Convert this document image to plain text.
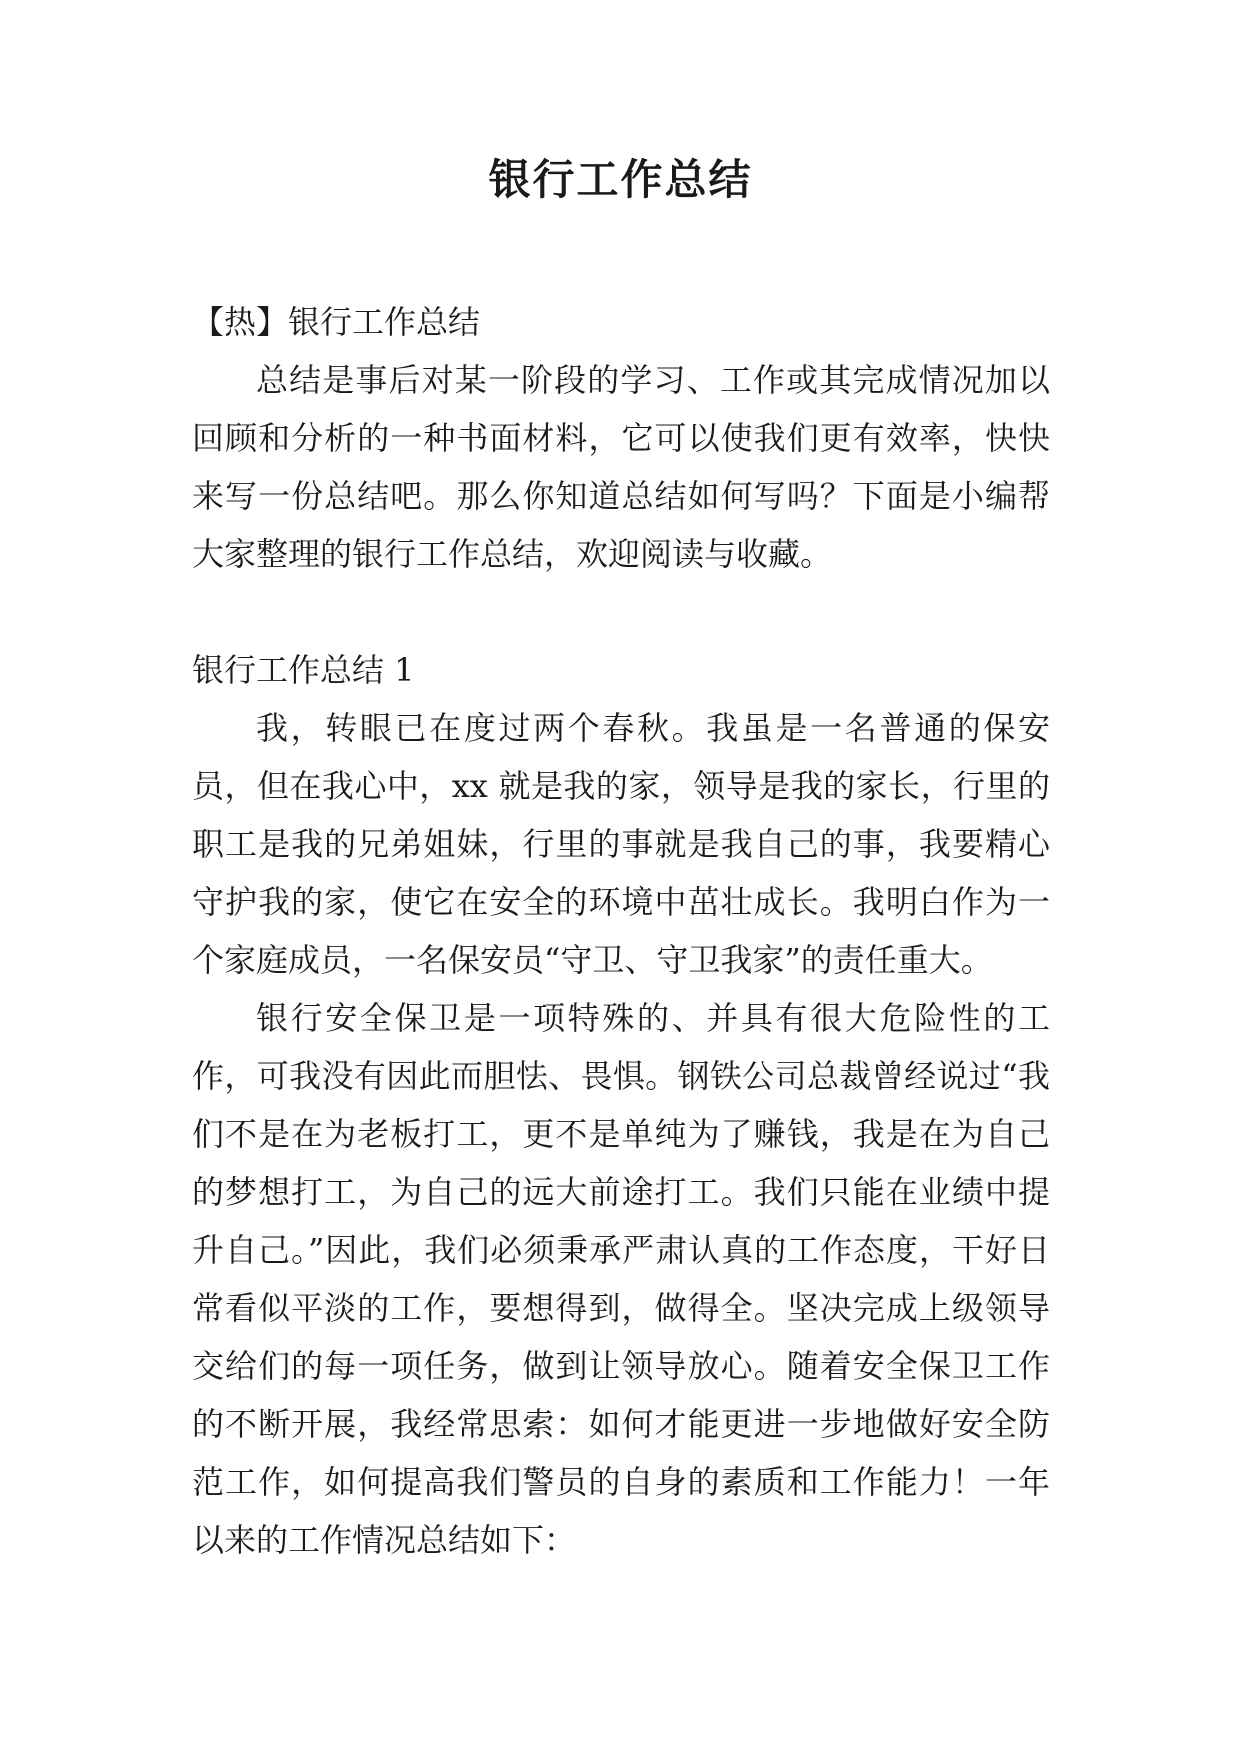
银行工作总结

【热】银行工作总结

总结是事后对某一阶段的学习、工作或其完成情况加以回顾和分析的一种书面材料，它可以使我们更有效率，快快来写一份总结吧。那么你知道总结如何写吗？下面是小编帮大家整理的银行工作总结，欢迎阅读与收藏。

银行工作总结 1

我，转眼已在度过两个春秋。我虽是一名普通的保安员，但在我心中，xx 就是我的家，领导是我的家长，行里的职工是我的兄弟姐妹，行里的事就是我自己的事，我要精心守护我的家，使它在安全的环境中茁壮成长。我明白作为一个家庭成员，一名保安员“守卫、守卫我家”的责任重大。

银行安全保卫是一项特殊的、并具有很大危险性的工作，可我没有因此而胆怯、畏惧。钢铁公司总裁曾经说过“我们不是在为老板打工，更不是单纯为了赚钱，我是在为自己的梦想打工，为自己的远大前途打工。我们只能在业绩中提升自己。”因此，我们必须秉承严肃认真的工作态度，干好日常看似平淡的工作，要想得到，做得全。坚决完成上级领导交给们的每一项任务，做到让领导放心。随着安全保卫工作的不断开展，我经常思索：如何才能更进一步地做好安全防范工作，如何提高我们警员的自身的素质和工作能力！一年以来的工作情况总结如下：
